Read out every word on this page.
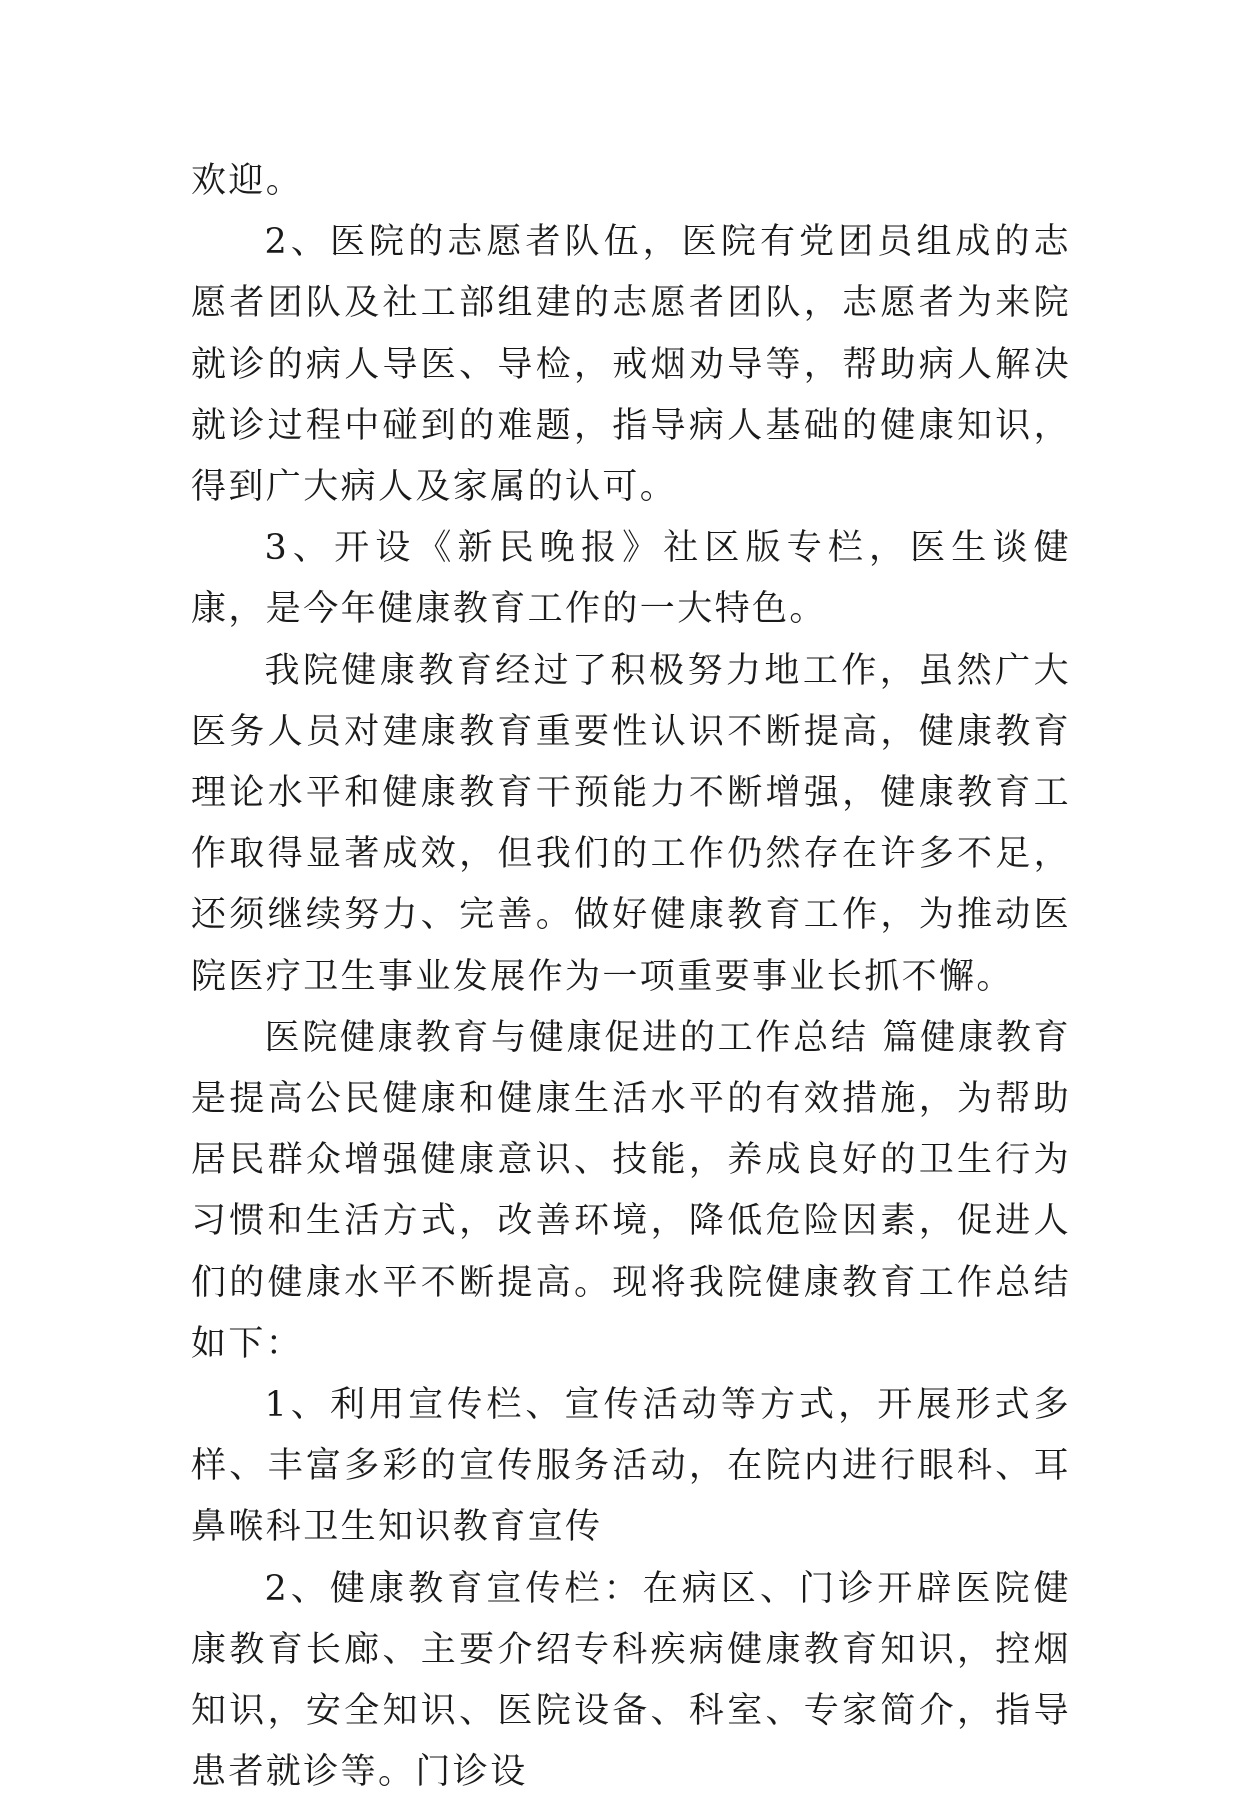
欢迎。

2、医院的志愿者队伍，医院有党团员组成的志愿者团队及社工部组建的志愿者团队，志愿者为来院就诊的病人导医、导检，戒烟劝导等，帮助病人解决就诊过程中碰到的难题，指导病人基础的健康知识，得到广大病人及家属的认可。

3、开设《新民晚报》社区版专栏，医生谈健康，是今年健康教育工作的一大特色。

我院健康教育经过了积极努力地工作，虽然广大医务人员对建康教育重要性认识不断提高，健康教育理论水平和健康教育干预能力不断增强，健康教育工作取得显著成效，但我们的工作仍然存在许多不足，还须继续努力、完善。做好健康教育工作，为推动医院医疗卫生事业发展作为一项重要事业长抓不懈。

医院健康教育与健康促进的工作总结 篇健康教育是提高公民健康和健康生活水平的有效措施，为帮助居民群众增强健康意识、技能，养成良好的卫生行为习惯和生活方式，改善环境，降低危险因素，促进人们的健康水平不断提高。现将我院健康教育工作总结如下：

1、利用宣传栏、宣传活动等方式，开展形式多样、丰富多彩的宣传服务活动，在院内进行眼科、耳鼻喉科卫生知识教育宣传

2、健康教育宣传栏：在病区、门诊开辟医院健康教育长廊、主要介绍专科疾病健康教育知识，控烟知识，安全知识、医院设备、科室、专家简介，指导患者就诊等。门诊设
